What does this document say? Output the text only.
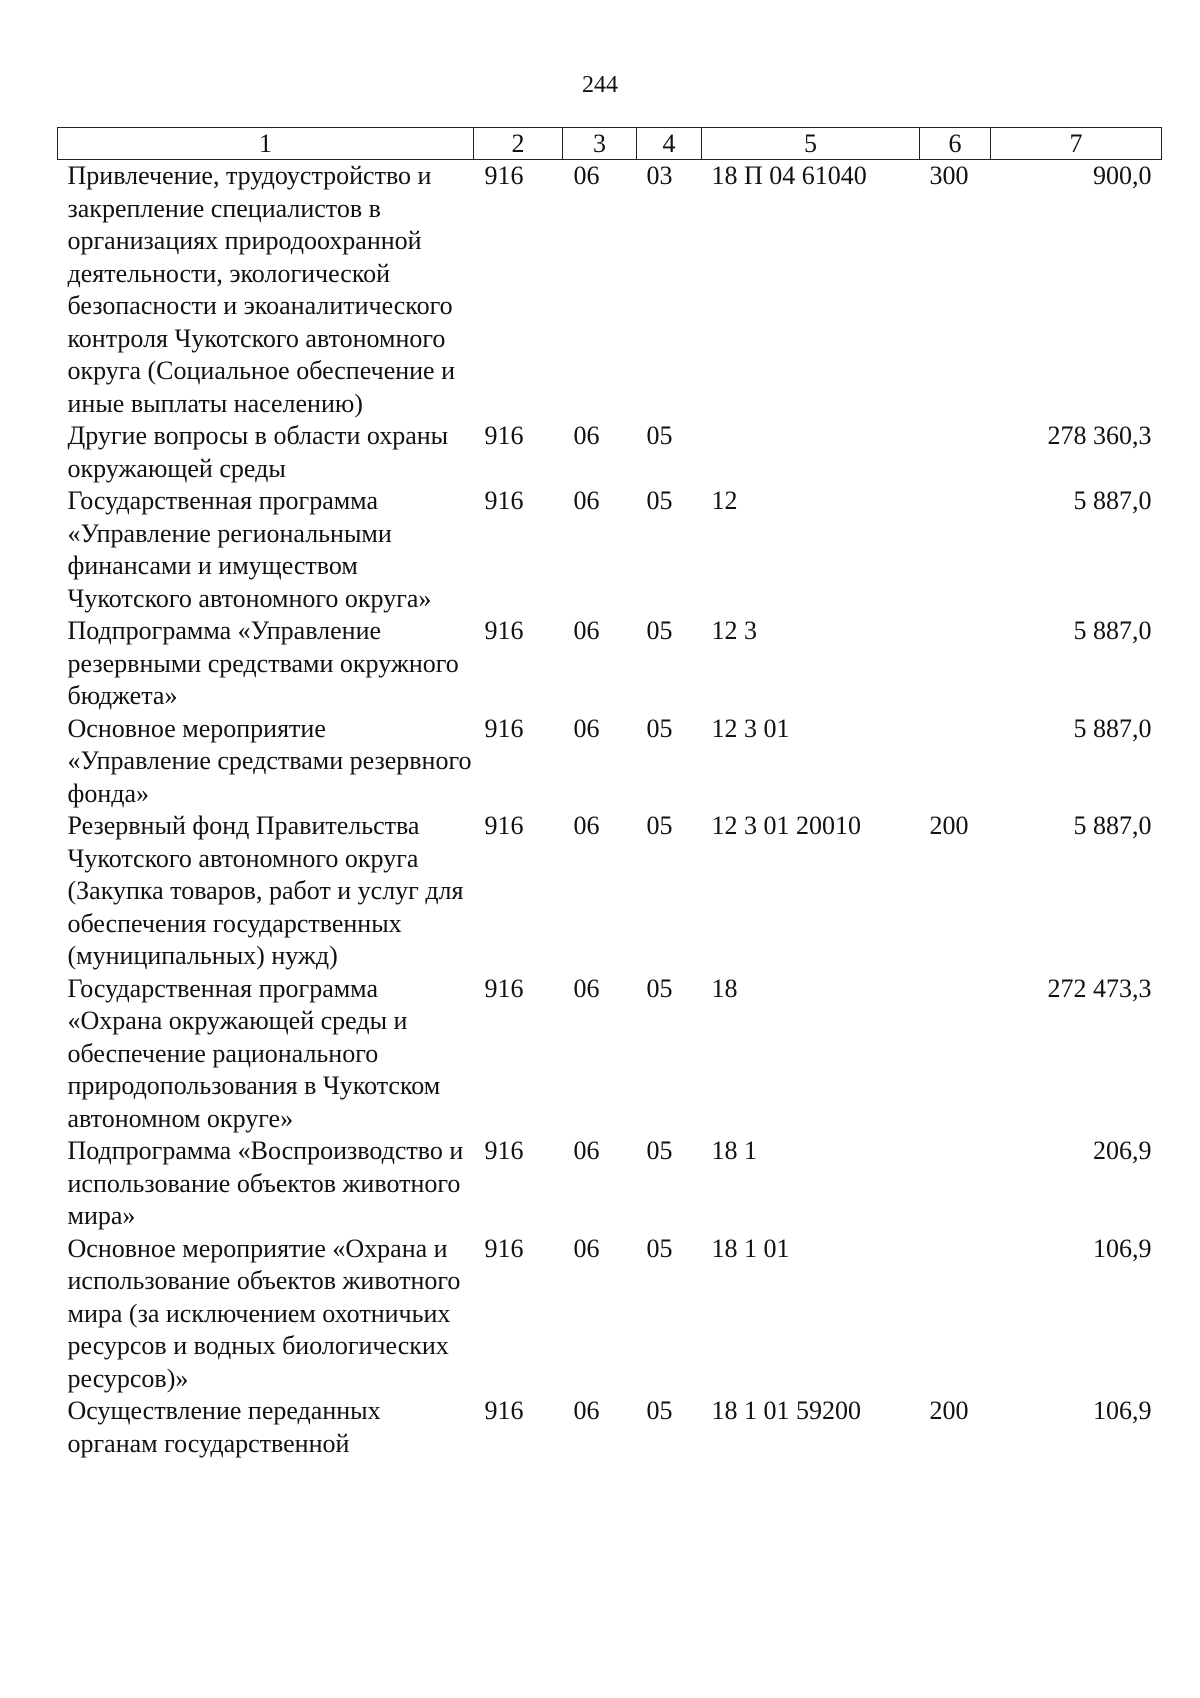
244
1	2	3	4	5	6	7
Привлечение, трудоустройство и закрепление специалистов в организациях природоохранной деятельности, экологической безопасности и экоаналитического контроля Чукотского автономного округа (Социальное обеспечение и иные выплаты населению)	916	06	03	18 П 04 61040	300	900,0
Другие вопросы в области охраны окружающей среды	916	06	05			278 360,3
Государственная программа «Управление региональными финансами и имуществом Чукотского автономного округа»	916	06	05	12		5 887,0
Подпрограмма «Управление резервными средствами окружного бюджета»	916	06	05	12 3		5 887,0
Основное мероприятие «Управление средствами резервного фонда»	916	06	05	12 3 01		5 887,0
Резервный фонд Правительства Чукотского автономного округа (Закупка товаров, работ и услуг для обеспечения государственных (муниципальных) нужд)	916	06	05	12 3 01 20010	200	5 887,0
Государственная программа «Охрана окружающей среды и обеспечение рационального природопользования в Чукотском автономном округе»	916	06	05	18		272 473,3
Подпрограмма «Воспроизводство и использование объектов животного мира»	916	06	05	18 1		206,9
Основное мероприятие «Охрана и использование объектов животного мира (за исключением охотничьих ресурсов и водных биологических ресурсов)»	916	06	05	18 1 01		106,9
Осуществление переданных органам государственной	916	06	05	18 1 01 59200	200	106,9
